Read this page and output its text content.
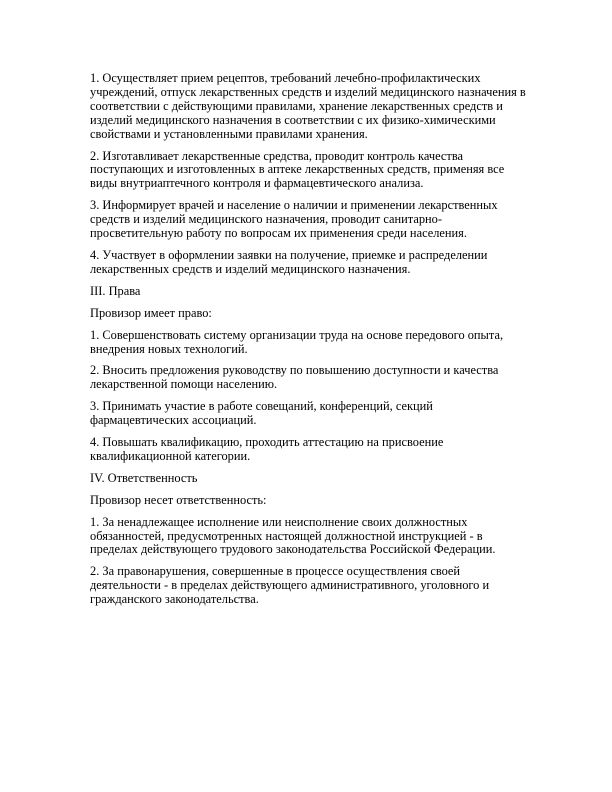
1. Осуществляет прием рецептов, требований лечебно-профилактических учреждений, отпуск лекарственных средств и изделий медицинского назначения в соответствии с действующими правилами, хранение лекарственных средств и изделий медицинского назначения в соответствии с их физико-химическими свойствами и установленными правилами хранения.

2. Изготавливает лекарственные средства, проводит контроль качества поступающих и изготовленных в аптеке лекарственных средств, применяя все виды внутриаптечного контроля и фармацевтического анализа.

3. Информирует врачей и население о наличии и применении лекарственных средств и изделий медицинского назначения, проводит санитарно-просветительную работу по вопросам их применения среди населения.

4. Участвует в оформлении заявки на получение, приемке и распределении лекарственных средств и изделий медицинского назначения.

III. Права

Провизор имеет право:

1. Совершенствовать систему организации труда на основе передового опыта, внедрения новых технологий.

2. Вносить предложения руководству по повышению доступности и качества лекарственной помощи населению.

3. Принимать участие в работе совещаний, конференций, секций фармацевтических ассоциаций.

4. Повышать квалификацию, проходить аттестацию на присвоение квалификационной категории.

IV. Ответственность

Провизор несет ответственность:

1. За ненадлежащее исполнение или неисполнение своих должностных обязанностей, предусмотренных настоящей должностной инструкцией - в пределах действующего трудового законодательства Российской Федерации.

2. За правонарушения, совершенные в процессе осуществления своей деятельности - в пределах действующего административного, уголовного и гражданского законодательства.
